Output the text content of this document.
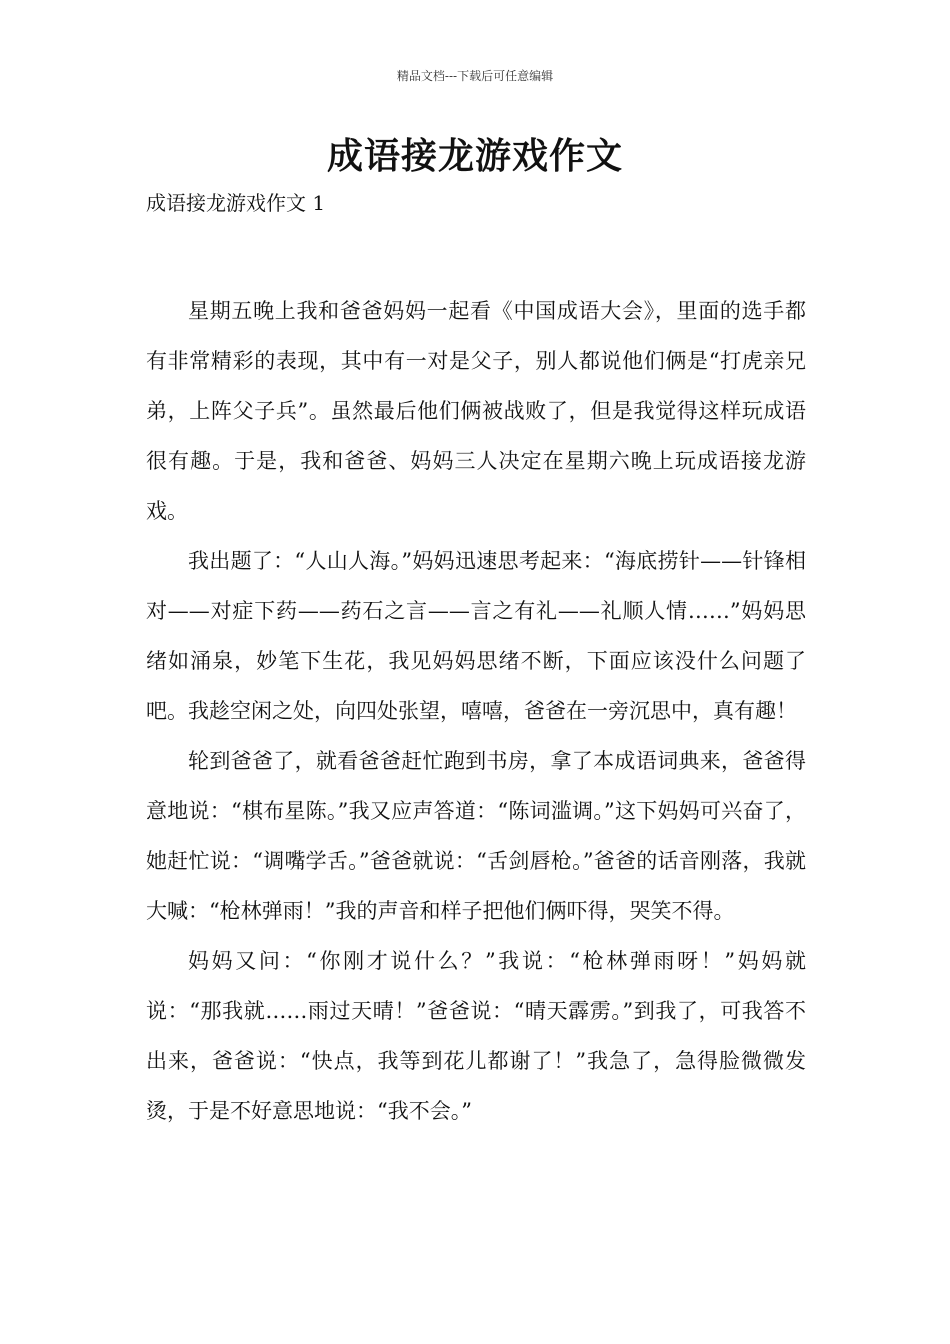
精品文档---下载后可任意编辑
成语接龙游戏作文
成语接龙游戏作文 1

星期五晚上我和爸爸妈妈一起看《中国成语大会》，里面的选手都有非常精彩的表现，其中有一对是父子，别人都说他们俩是“打虎亲兄弟，上阵父子兵”。虽然最后他们俩被战败了，但是我觉得这样玩成语很有趣。于是，我和爸爸、妈妈三人决定在星期六晚上玩成语接龙游戏。

我出题了：“人山人海。”妈妈迅速思考起来：“海底捞针——针锋相对——对症下药——药石之言——言之有礼——礼顺人情……”妈妈思绪如涌泉，妙笔下生花，我见妈妈思绪不断，下面应该没什么问题了吧。我趁空闲之处，向四处张望，嘻嘻，爸爸在一旁沉思中，真有趣！

轮到爸爸了，就看爸爸赶忙跑到书房，拿了本成语词典来，爸爸得意地说：“棋布星陈。”我又应声答道：“陈词滥调。”这下妈妈可兴奋了，她赶忙说：“调嘴学舌。”爸爸就说：“舌剑唇枪。”爸爸的话音刚落，我就大喊：“枪林弹雨！”我的声音和样子把他们俩吓得，哭笑不得。

妈妈又问：“你刚才说什么？”我说：“枪林弹雨呀！”妈妈就说：“那我就……雨过天晴！”爸爸说：“晴天霹雳。”到我了，可我答不出来，爸爸说：“快点，我等到花儿都谢了！”我急了，急得脸微微发烫，于是不好意思地说：“我不会。”
